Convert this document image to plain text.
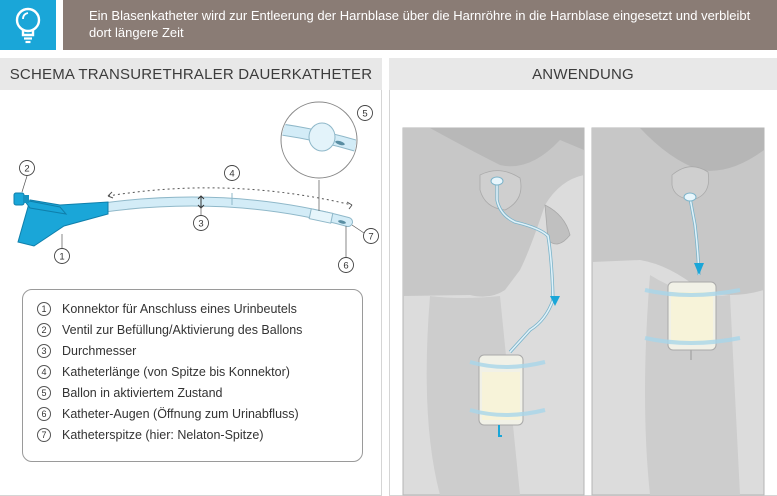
Ein Blasenkatheter wird zur Entleerung der Harnblase über die Harnröhre in die Harnblase eingesetzt und verbleibt dort längere Zeit
SCHEMA TRANSURETHRALER DAUERKATHETER	ANWENDUNG
1
2
3
4
5
6
7
1	Konnektor für Anschluss eines Urinbeutels
2	Ventil zur Befüllung/Aktivierung des Ballons
3	Durchmesser
4	Katheterlänge (von Spitze bis Konnektor)
5	Ballon in aktiviertem Zustand
6	Katheter-Augen (Öffnung zum Urinabfluss)
7	Katheterspitze (hier: Nelaton-Spitze)
